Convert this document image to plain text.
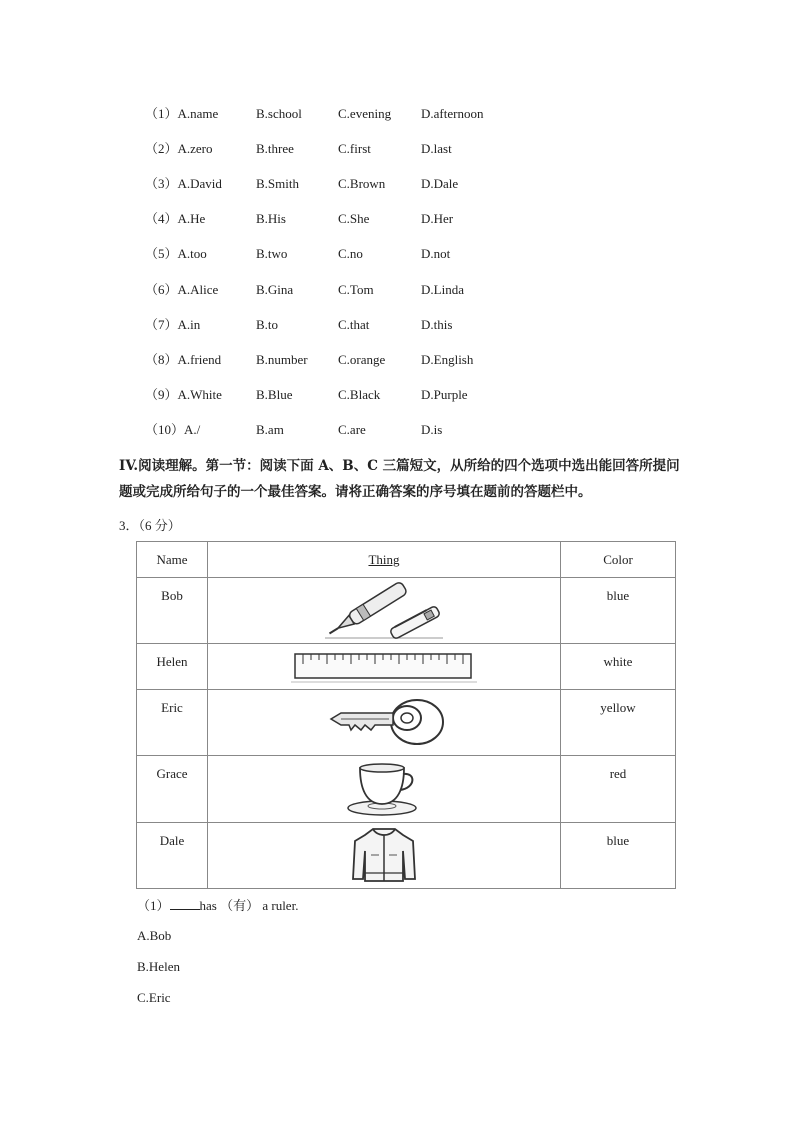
（1）A.name	B.school	C.evening D.afternoon
（2）A.zero	B.three	C.first	D.last
（3）A.David	B.Smith	C.Brown	D.Dale
（4）A.He	B.His	C.She	D.Her
（5）A.too	B.two	C.no	D.not
（6）A.Alice	B.Gina	C.Tom	D.Linda
（7）A.in	B.to	C.that	D.this
（8）A.friend	B.number C.orange	D.English
（9）A.White	B.Blue	C.Black	D.Purple
（10）A./	B.am	C.are	D.is
IV.阅读理解。第一节：阅读下面 A、B、C 三篇短文，从所给的四个选项中选出能回答所提问题或完成所给句子的一个最佳答案。请将正确答案的序号填在题前的答题栏中。
3．（6 分）
Name	Thing	Color

Bob		blue

Helen		white

Eric		yellow

Grace		red

Dale		blue
（1） has （有） a ruler.
A.Bob
B.Helen
C.Eric
